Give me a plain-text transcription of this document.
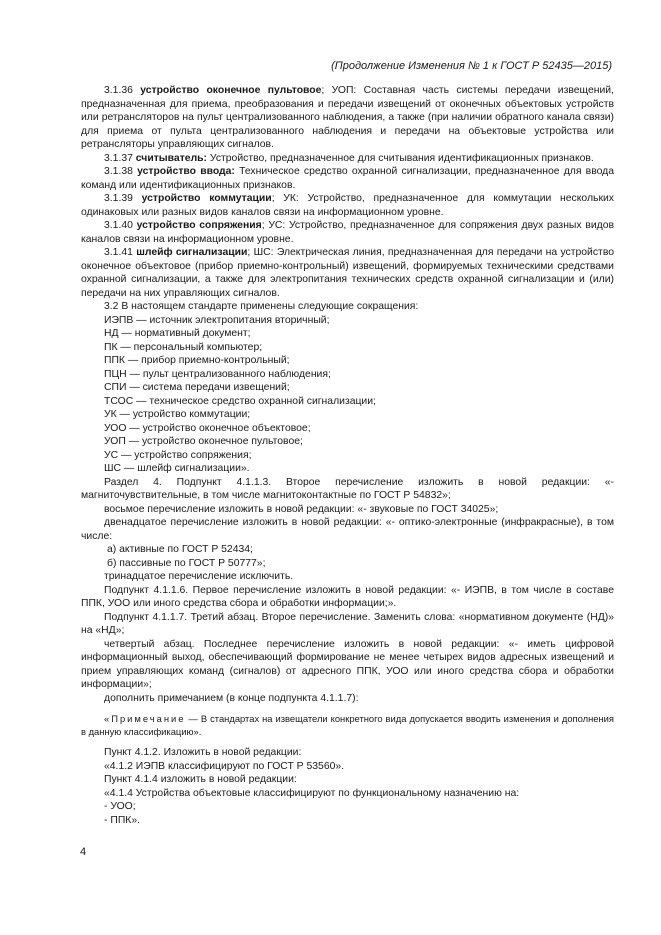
(Продолжение Изменения № 1 к ГОСТ Р 52435—2015)

3.1.36 устройство оконечное пультовое; УОП: Составная часть системы передачи извещений, предназначенная для приема, преобразования и передачи извещений от оконечных объектовых устройств или ретрансляторов на пульт централизованного наблюдения, а также (при наличии обратного канала связи) для приема от пульта централизованного наблюдения и передачи на объектовые устройства или ретрансляторы управляющих сигналов.

3.1.37 считыватель: Устройство, предназначенное для считывания идентификационных признаков.

3.1.38 устройство ввода: Техническое средство охранной сигнализации, предназначенное для ввода команд или идентификационных признаков.

3.1.39 устройство коммутации; УК: Устройство, предназначенное для коммутации нескольких одинаковых или разных видов каналов связи на информационном уровне.

3.1.40 устройство сопряжения; УС: Устройство, предназначенное для сопряжения двух разных видов каналов связи на информационном уровне.

3.1.41 шлейф сигнализации; ШС: Электрическая линия, предназначенная для передачи на устройство оконечное объектовое (прибор приемно-контрольный) извещений, формируемых техническими средствами охранной сигнализации, а также для электропитания технических средств охранной сигнализации и (или) передачи на них управляющих сигналов.

3.2 В настоящем стандарте применены следующие сокращения:

ИЭПВ — источник электропитания вторичный;

НД — нормативный документ;

ПК — персональный компьютер;

ППК — прибор приемно-контрольный;

ПЦН — пульт централизованного наблюдения;

СПИ — система передачи извещений;

ТСОС — техническое средство охранной сигнализации;

УК — устройство коммутации;

УОО — устройство оконечное объектовое;

УОП — устройство оконечное пультовое;

УС — устройство сопряжения;

ШС — шлейф сигнализации».

Раздел 4. Подпункт 4.1.1.3. Второе перечисление изложить в новой редакции: «- магниточувствительные, в том числе магнитоконтактные по ГОСТ Р 54832»;

восьмое перечисление изложить в новой редакции: «- звуковые по ГОСТ 34025»;

двенадцатое перечисление изложить в новой редакции: «- оптико-электронные (инфракрасные), в том числе:

а) активные по ГОСТ Р 52434;

б) пассивные по ГОСТ Р 50777»;

тринадцатое перечисление исключить.

Подпункт 4.1.1.6. Первое перечисление изложить в новой редакции: «- ИЭПВ, в том числе в составе ППК, УОО или иного средства сбора и обработки информации;».

Подпункт 4.1.1.7. Третий абзац. Второе перечисление. Заменить слова: «нормативном документе (НД)» на «НД»;

четвертый абзац. Последнее перечисление изложить в новой редакции: «- иметь цифровой информационный выход, обеспечивающий формирование не менее четырех видов адресных извещений и прием управляющих команд (сигналов) от адресного ППК, УОО или иного средства сбора и обработки информации»;

дополнить примечанием (в конце подпункта 4.1.1.7):

«Примечание — В стандартах на извещатели конкретного вида допускается вводить изменения и дополнения в данную классификацию».

Пункт 4.1.2. Изложить в новой редакции:

«4.1.2 ИЭПВ классифицируют по ГОСТ Р 53560».

Пункт 4.1.4 изложить в новой редакции:

«4.1.4 Устройства объектовые классифицируют по функциональному назначению на:

- УОО;

- ППК».

4
